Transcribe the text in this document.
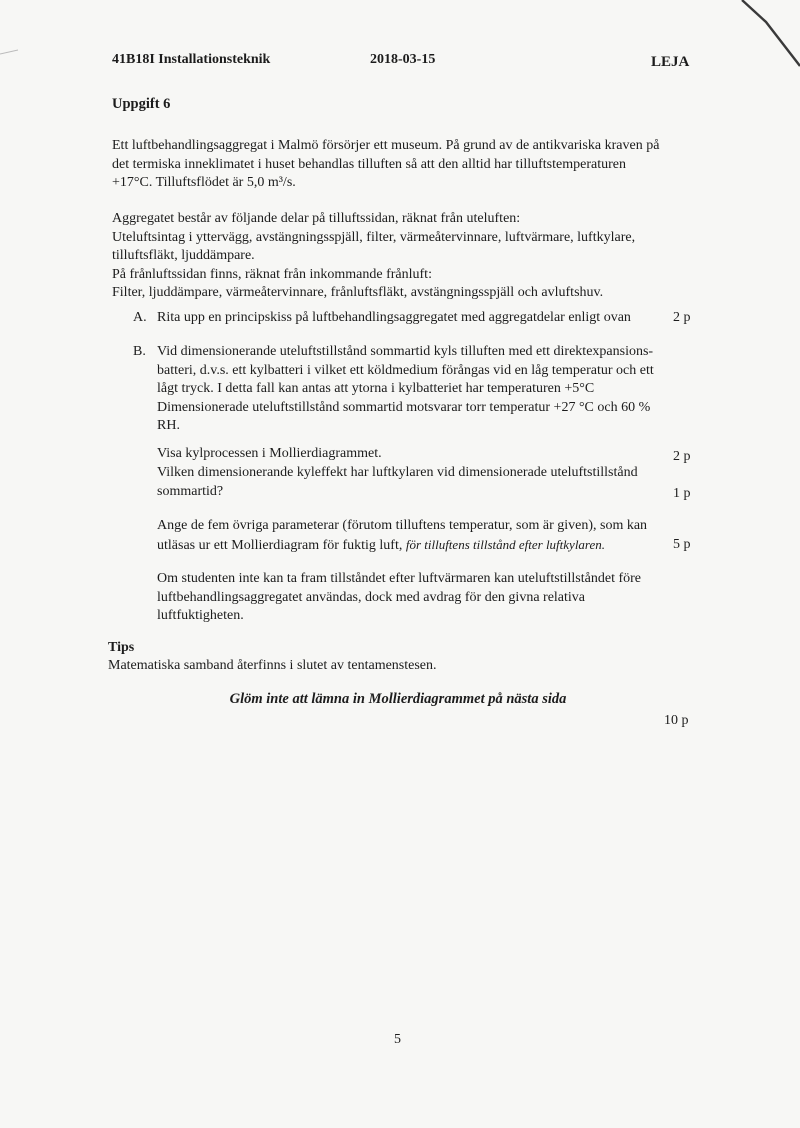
41B18I Installationsteknik	2018-03-15	LEJA
Uppgift 6
Ett luftbehandlingsaggregat i Malmö försörjer ett museum. På grund av de antikvariska kraven på
det termiska inneklimatet i huset behandlas tilluften så att den alltid har tilluftstemperaturen
+17°C. Tilluftsflödet är 5,0 m³/s.
Aggregatet består av följande delar på tilluftssidan, räknat från uteluften:
Uteluftsintag i yttervägg, avstängningsspjäll, filter, värmeåtervinnare, luftvärmare, luftkylare,
tilluftsfläkt, ljuddämpare.
På frånluftssidan finns, räknat från inkommande frånluft:
Filter, ljuddämpare, värmeåtervinnare, frånluftsfläkt, avstängningsspjäll och avluftshuv.
A. Rita upp en principskiss på luftbehandlingsaggregatet med aggregatdelar enligt ovan	2 p
B. Vid dimensionerande uteluftstillstånd sommartid kyls tilluften med ett direktexpansions-
batteri, d.v.s. ett kylbatteri i vilket ett köldmedium förångas vid en låg temperatur och ett
lågt tryck. I detta fall kan antas att ytorna i kylbatteriet har temperaturen +5°C
Dimensionerade uteluftstillstånd sommartid motsvarar torr temperatur +27 °C och 60 %
RH.
Visa kylprocessen i Mollierdiagrammet.	2 p
Vilken dimensionerande kyleffekt har luftkylaren vid dimensionerade uteluftstillstånd
sommartid?	1 p
Ange de fem övriga parameterar (förutom tilluftens temperatur, som är given), som kan
utläsas ur ett Mollierdiagram för fuktig luft, för tilluftens tillstånd efter luftkylaren.	5 p
Om studenten inte kan ta fram tillståndet efter luftvärmaren kan uteluftstillståndet före
luftbehandlingsaggregatet användas, dock med avdrag för den givna relativa
luftfuktigheten.
Tips
Matematiska samband återfinns i slutet av tentamenstesen.
Glöm inte att lämna in Mollierdiagrammet på nästa sida
10 p
5
